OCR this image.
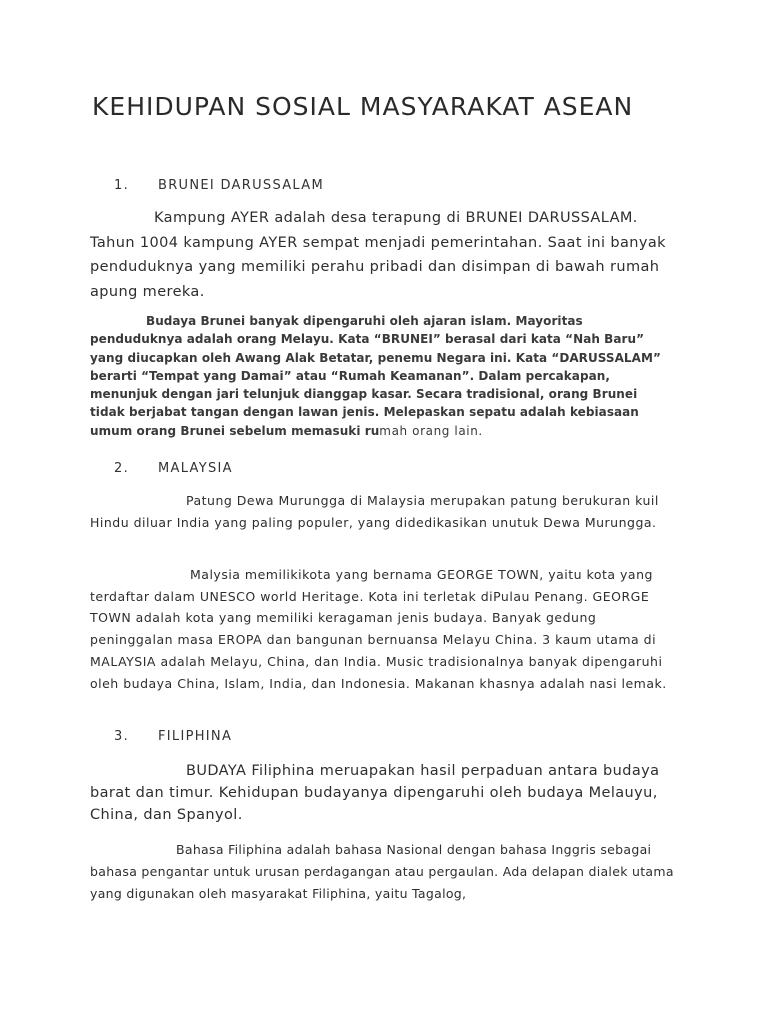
KEHIDUPAN SOSIAL MASYARAKAT ASEAN
1. BRUNEI DARUSSALAM

Kampung AYER adalah desa terapung di BRUNEI DARUSSALAM. Tahun 1004 kampung AYER sempat menjadi pemerintahan. Saat ini banyak penduduknya yang memiliki perahu pribadi dan disimpan di bawah rumah apung mereka.

Budaya Brunei banyak dipengaruhi oleh ajaran islam. Mayoritas penduduknya adalah orang Melayu. Kata “BRUNEI” berasal dari kata “Nah Baru” yang diucapkan oleh Awang Alak Betatar, penemu Negara ini. Kata “DARUSSALAM” berarti “Tempat yang Damai” atau “Rumah Keamanan”. Dalam percakapan, menunjuk dengan jari telunjuk dianggap kasar. Secara tradisional, orang Brunei tidak berjabat tangan dengan lawan jenis. Melepaskan sepatu adalah kebiasaan umum orang Brunei sebelum memasuki rumah orang lain.

2. MALAYSIA

Patung Dewa Murungga di Malaysia merupakan patung berukuran kuil Hindu diluar India yang paling populer, yang didedikasikan unutuk Dewa Murungga.

Malysia memilikikota yang bernama GEORGE TOWN, yaitu kota yang terdaftar dalam UNESCO world Heritage. Kota ini terletak diPulau Penang. GEORGE TOWN adalah kota yang memiliki keragaman jenis budaya. Banyak gedung peninggalan masa EROPA dan bangunan bernuansa Melayu China. 3 kaum utama di MALAYSIA adalah Melayu, China, dan India. Music tradisionalnya banyak dipengaruhi oleh budaya China, Islam, India, dan Indonesia. Makanan khasnya adalah nasi lemak.

3. FILIPHINA

BUDAYA Filiphina meruapakan hasil perpaduan antara budaya barat dan timur. Kehidupan budayanya dipengaruhi oleh budaya Melauyu, China, dan Spanyol.

Bahasa Filiphina adalah bahasa Nasional dengan bahasa Inggris sebagai bahasa pengantar untuk urusan perdagangan atau pergaulan. Ada delapan dialek utama yang digunakan oleh masyarakat Filiphina, yaitu Tagalog,
